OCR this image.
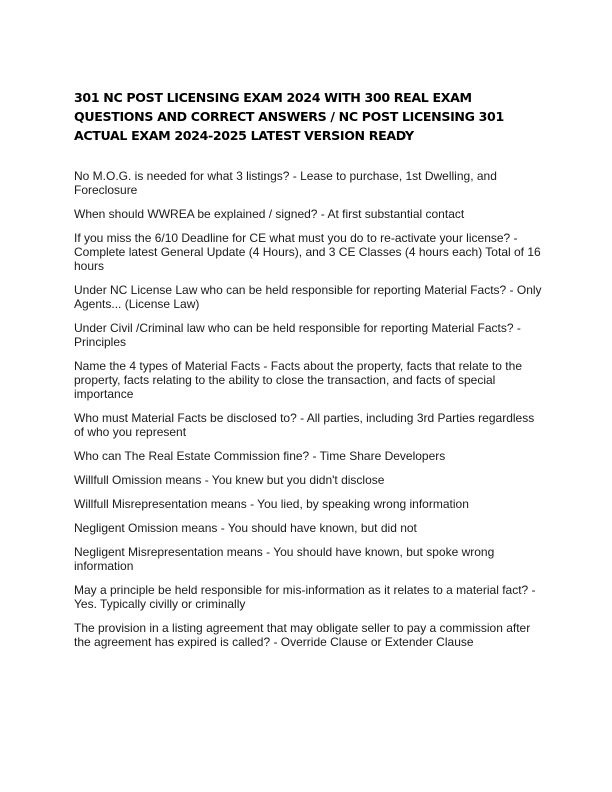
301 NC POST LICENSING EXAM 2024 WITH 300 REAL EXAM QUESTIONS AND CORRECT ANSWERS / NC POST LICENSING 301 ACTUAL EXAM 2024-2025 LATEST VERSION READY
No M.O.G. is needed for what 3 listings? - Lease to purchase, 1st Dwelling, and Foreclosure
When should WWREA be explained / signed? - At first substantial contact
If you miss the 6/10 Deadline for CE what must you do to re-activate your license? - Complete latest General Update (4 Hours), and 3 CE Classes (4 hours each) Total of 16 hours
Under NC License Law who can be held responsible for reporting Material Facts? - Only Agents... (License Law)
Under Civil /Criminal law who can be held responsible for reporting Material Facts? - Principles
Name the 4 types of Material Facts - Facts about the property, facts that relate to the property, facts relating to the ability to close the transaction, and facts of special importance
Who must Material Facts be disclosed to? - All parties, including 3rd Parties regardless of who you represent
Who can The Real Estate Commission fine? - Time Share Developers
Willfull Omission means - You knew but you didn't disclose
Willfull Misrepresentation means - You lied, by speaking wrong information
Negligent Omission means - You should have known, but did not
Negligent Misrepresentation means - You should have known, but spoke wrong information
May a principle be held responsible for mis-information as it relates to a material fact? - Yes. Typically civilly or criminally
The provision in a listing agreement that may obligate seller to pay a commission after the agreement has expired is called? - Override Clause or Extender Clause
